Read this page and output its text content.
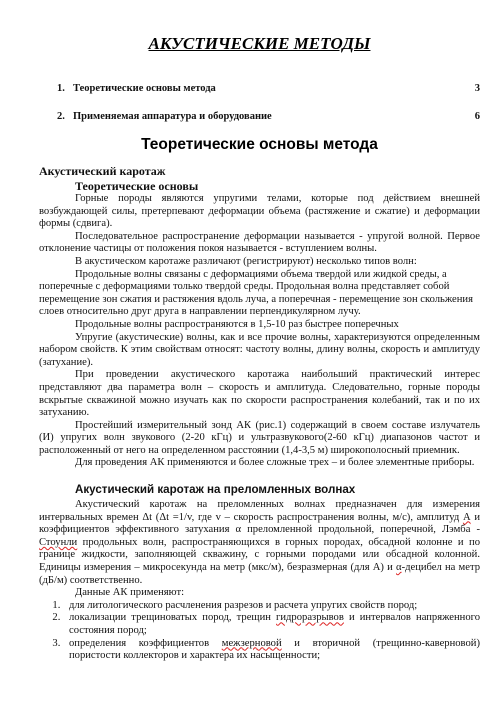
АКУСТИЧЕСКИЕ МЕТОДЫ
1. Теоретические основы метода	3
2. Применяемая аппаратура и оборудование	6
Теоретические основы метода
Акустический каротаж
Теоретические основы

Горные породы являются упругими телами, которые под действием внешней возбуждающей силы, претерпевают деформации объема (растяжение и сжатие) и деформации формы (сдвига).

Последовательное распространение деформации называется - упругой волной. Первое отклонение частицы от положения покоя называется - вступлением волны.

В акустическом каротаже различают (регистрируют) несколько типов волн:

Продольные волны связаны с деформациями объема твердой или жидкой среды, а поперечные с деформациями только твердой среды. Продольная волна представляет собой перемещение зон сжатия и растяжения вдоль луча, а поперечная - перемещение зон скольжения слоев относительно друг друга в направлении перпендикулярном лучу.

Продольные волны распространяются в 1,5-10 раз быстрее поперечных

Упругие (акустические) волны, как и все прочие волны, характеризуются определенным набором свойств. К этим свойствам относят: частоту волны, длину волны, скорость и амплитуду (затухание).

При проведении акустического каротажа наибольший практический интерес представляют два параметра волн – скорость и амплитуда. Следовательно, горные породы вскрытые скважиной можно изучать как по скорости распространения колебаний, так и по их затуханию.

Простейший измерительный зонд АК (рис.1) содержащий в своем составе излучатель (И) упругих волн звукового (2-20 кГц) и ультразвукового(2-60 кГц) диапазонов частот и расположенный от него на определенном расстоянии (1,4-3,5 м) широкополосный приемник.

Для проведения АК применяются и более сложные трех – и более элементные приборы.

Акустический каротаж на преломленных волнах

Акустический каротаж на преломленных волнах предназначен для измерения интервальных времен Δt (Δt =1/v, где v – скорость распространения волны, м/с), амплитуд А и коэффициентов эффективного затухания α преломленной продольной, поперечной, Лэмба - Стоунли продольных волн, распространяющихся в горных породах, обсадной колонне и по границе жидкости, заполняющей скважину, с горными породами или обсадной колонной. Единицы измерения – микросекунда на метр (мкс/м), безразмерная (для А) и α-децибел на метр (дБ/м) соответственно.

Данные АК применяют:

1. для литологического расчленения разрезов и расчета упругих свойств пород;
2. локализации трещиноватых пород, трещин гидроразрывов и интервалов напряженного состояния пород;
3. определения коэффициентов межзерновой и вторичной (трещинно-каверновой) пористости коллекторов и характера их насыщенности;
